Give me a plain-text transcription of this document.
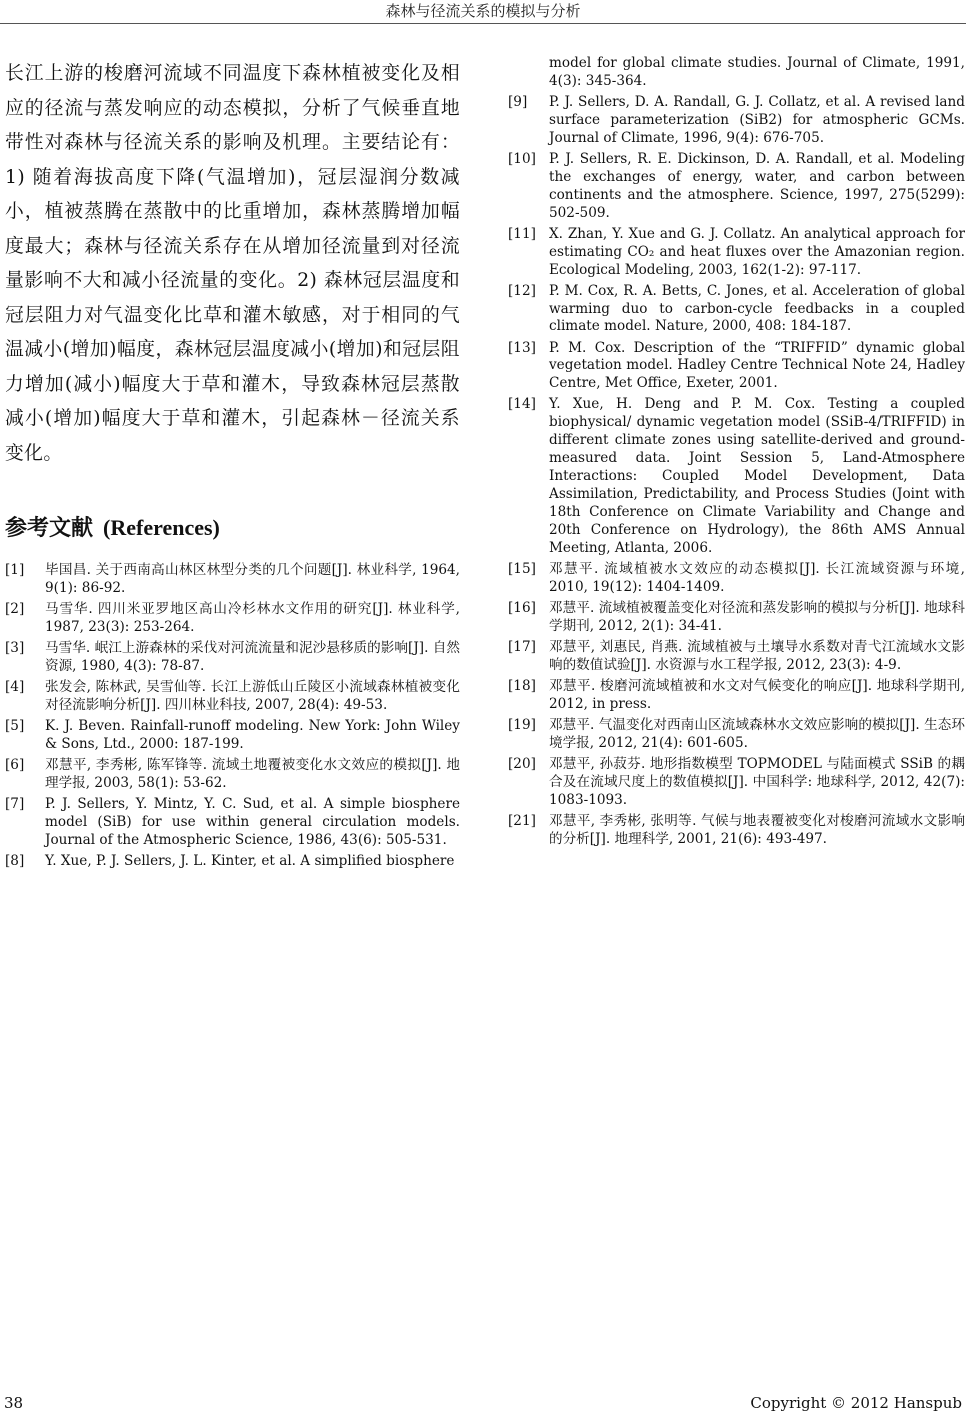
森林与径流关系的模拟与分析

长江上游的梭磨河流域不同温度下森林植被变化及相应的径流与蒸发响应的动态模拟，分析了气候垂直地带性对森林与径流关系的影响及机理。主要结论有：1) 随着海拔高度下降(气温增加)，冠层湿润分数减小，植被蒸腾在蒸散中的比重增加，森林蒸腾增加幅度最大；森林与径流关系存在从增加径流量到对径流量影响不大和减小径流量的变化。2) 森林冠层温度和冠层阻力对气温变化比草和灌木敏感，对于相同的气温减小(增加)幅度，森林冠层温度减小(增加)和冠层阻力增加(减小)幅度大于草和灌木，导致森林冠层蒸散减小(增加)幅度大于草和灌木，引起森林－径流关系变化。

参考文献 (References)
[1]	毕国昌. 关于西南高山林区林型分类的几个问题[J]. 林业科学, 1964, 9(1): 86-92.
[2]	马雪华. 四川米亚罗地区高山冷杉林水文作用的研究[J]. 林业科学, 1987, 23(3): 253-264.
[3]	马雪华. 岷江上游森林的采伐对河流流量和泥沙悬移质的影响[J]. 自然资源, 1980, 4(3): 78-87.
[4]	张发会, 陈林武, 吴雪仙等. 长江上游低山丘陵区小流域森林植被变化对径流影响分析[J]. 四川林业科技, 2007, 28(4): 49-53.
[5]	K. J. Beven. Rainfall-runoff modeling. New York: John Wiley & Sons, Ltd., 2000: 187-199.
[6]	邓慧平, 李秀彬, 陈军锋等. 流域土地覆被变化水文效应的模拟[J]. 地理学报, 2003, 58(1): 53-62.
[7]	P. J. Sellers, Y. Mintz, Y. C. Sud, et al. A simple biosphere model (SiB) for use within general circulation models. Journal of the Atmospheric Science, 1986, 43(6): 505-531.
[8]	Y. Xue, P. J. Sellers, J. L. Kinter, et al. A simplified biosphere
model for global climate studies. Journal of Climate, 1991, 4(3): 345-364.
[9]	P. J. Sellers, D. A. Randall, G. J. Collatz, et al. A revised land surface parameterization (SiB2) for atmospheric GCMs. Journal of Climate, 1996, 9(4): 676-705.
[10] P. J. Sellers, R. E. Dickinson, D. A. Randall, et al. Modeling the exchanges of energy, water, and carbon between continents and the atmosphere. Science, 1997, 275(5299): 502-509.
[11] X. Zhan, Y. Xue and G. J. Collatz. An analytical approach for estimating CO₂ and heat fluxes over the Amazonian region. Ecological Modeling, 2003, 162(1-2): 97-117.
[12] P. M. Cox, R. A. Betts, C. Jones, et al. Acceleration of global warming duo to carbon-cycle feedbacks in a coupled climate model. Nature, 2000, 408: 184-187.
[13] P. M. Cox. Description of the “TRIFFID” dynamic global vegetation model. Hadley Centre Technical Note 24, Hadley Centre, Met Office, Exeter, 2001.
[14] Y. Xue, H. Deng and P. M. Cox. Testing a coupled biophysical/ dynamic vegetation model (SSiB-4/TRIFFID) in different climate zones using satellite-derived and ground-measured data. Joint Session 5, Land-Atmosphere Interactions: Coupled Model Development, Data Assimilation, Predictability, and Process Studies (Joint with 18th Conference on Climate Variability and Change and 20th Conference on Hydrology), the 86th AMS Annual Meeting, Atlanta, 2006.
[15] 邓慧平. 流域植被水文效应的动态模拟[J]. 长江流域资源与环境, 2010, 19(12): 1404-1409.
[16] 邓慧平. 流域植被覆盖变化对径流和蒸发影响的模拟与分析[J]. 地球科学期刊, 2012, 2(1): 34-41.
[17] 邓慧平, 刘惠民, 肖燕. 流域植被与土壤导水系数对青弋江流域水文影响的数值试验[J]. 水资源与水工程学报, 2012, 23(3): 4-9.
[18] 邓慧平. 梭磨河流域植被和水文对气候变化的响应[J]. 地球科学期刊, 2012, in press.
[19] 邓慧平. 气温变化对西南山区流域森林水文效应影响的模拟[J]. 生态环境学报, 2012, 21(4): 601-605.
[20] 邓慧平, 孙菽芬. 地形指数模型 TOPMODEL 与陆面模式 SSiB 的耦合及在流域尺度上的数值模拟[J]. 中国科学: 地球科学, 2012, 42(7): 1083-1093.
[21] 邓慧平, 李秀彬, 张明等. 气候与地表覆被变化对梭磨河流域水文影响的分析[J]. 地理科学, 2001, 21(6): 493-497.
38	Copyright © 2012 Hanspub
